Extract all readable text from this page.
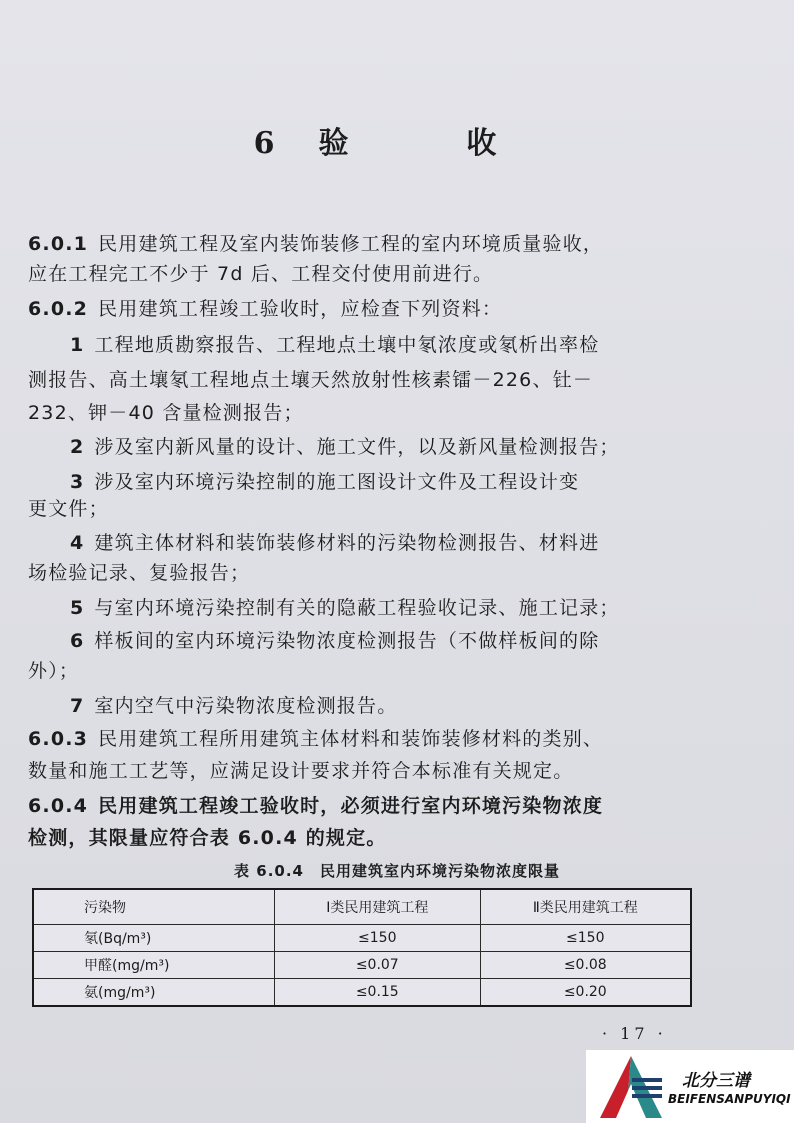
6验　收
6.0.1 民用建筑工程及室内装饰装修工程的室内环境质量验收，
应在工程完工不少于 7d 后、工程交付使用前进行。
6.0.2 民用建筑工程竣工验收时，应检查下列资料：
1 工程地质勘察报告、工程地点土壤中氡浓度或氡析出率检
测报告、高土壤氡工程地点土壤天然放射性核素镭－226、钍－
232、钾－40 含量检测报告；
2 涉及室内新风量的设计、施工文件，以及新风量检测报告；
3 涉及室内环境污染控制的施工图设计文件及工程设计变
更文件；
4 建筑主体材料和装饰装修材料的污染物检测报告、材料进
场检验记录、复验报告；
5 与室内环境污染控制有关的隐蔽工程验收记录、施工记录；
6 样板间的室内环境污染物浓度检测报告（不做样板间的除
外）；
7 室内空气中污染物浓度检测报告。
6.0.3 民用建筑工程所用建筑主体材料和装饰装修材料的类别、
数量和施工工艺等，应满足设计要求并符合本标准有关规定。
6.0.4 民用建筑工程竣工验收时，必须进行室内环境污染物浓度
检测，其限量应符合表 6.0.4 的规定。
表 6.0.4　民用建筑室内环境污染物浓度限量
污染物	Ⅰ类民用建筑工程	Ⅱ类民用建筑工程
氡(Bq/m³)	≤150	≤150
甲醛(mg/m³)	≤0.07	≤0.08
氨(mg/m³)	≤0.15	≤0.20
· 17 ·
北分三谱
BEIFENSANPUYIQI
